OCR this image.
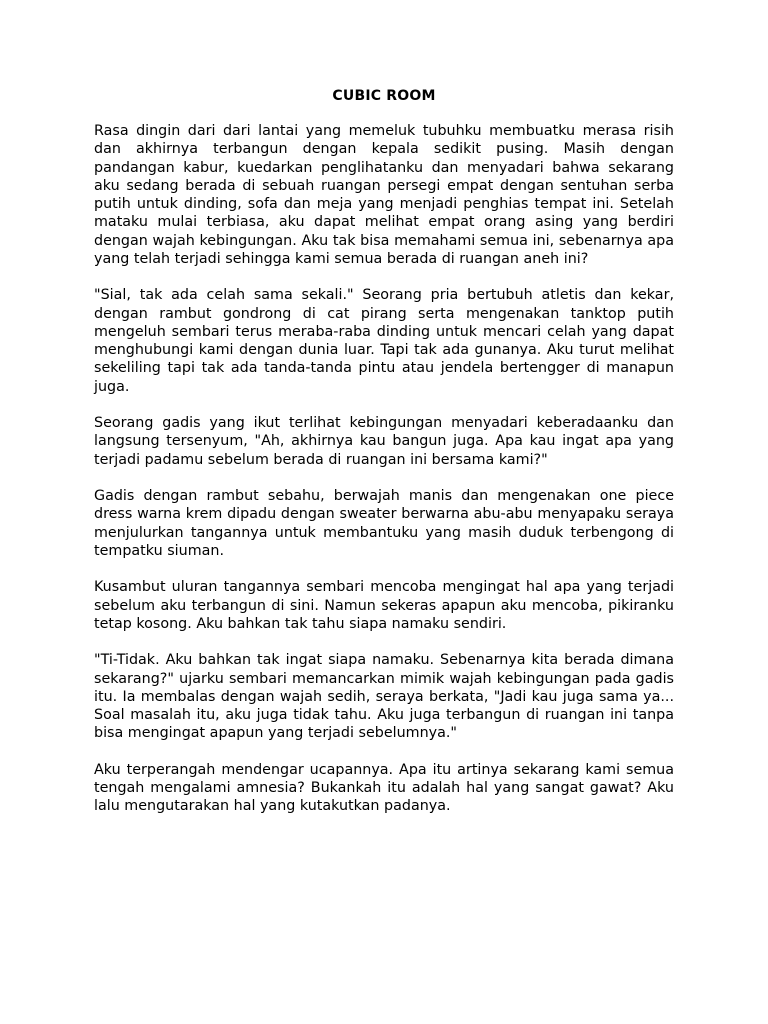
CUBIC ROOM

Rasa dingin dari dari lantai yang memeluk tubuhku membuatku merasa risih dan akhirnya terbangun dengan kepala sedikit pusing. Masih dengan pandangan kabur, kuedarkan penglihatanku dan menyadari bahwa sekarang aku sedang berada di sebuah ruangan persegi empat dengan sentuhan serba putih untuk dinding, sofa dan meja yang menjadi penghias tempat ini. Setelah mataku mulai terbiasa, aku dapat melihat empat orang asing yang berdiri dengan wajah kebingungan. Aku tak bisa memahami semua ini, sebenarnya apa yang telah terjadi sehingga kami semua berada di ruangan aneh ini?

"Sial, tak ada celah sama sekali." Seorang pria bertubuh atletis dan kekar, dengan rambut gondrong di cat pirang serta mengenakan tanktop putih mengeluh sembari terus meraba-raba dinding untuk mencari celah yang dapat menghubungi kami dengan dunia luar. Tapi tak ada gunanya. Aku turut melihat sekeliling tapi tak ada tanda-tanda pintu atau jendela bertengger di manapun juga.

Seorang gadis yang ikut terlihat kebingungan menyadari keberadaanku dan langsung tersenyum, "Ah, akhirnya kau bangun juga. Apa kau ingat apa yang terjadi padamu sebelum berada di ruangan ini bersama kami?"

Gadis dengan rambut sebahu, berwajah manis dan mengenakan one piece dress warna krem dipadu dengan sweater berwarna abu-abu menyapaku seraya menjulurkan tangannya untuk membantuku yang masih duduk terbengong di tempatku siuman.

Kusambut uluran tangannya sembari mencoba mengingat hal apa yang terjadi sebelum aku terbangun di sini. Namun sekeras apapun aku mencoba, pikiranku tetap kosong. Aku bahkan tak tahu siapa namaku sendiri.

"Ti-Tidak. Aku bahkan tak ingat siapa namaku. Sebenarnya kita berada dimana sekarang?" ujarku sembari memancarkan mimik wajah kebingungan pada gadis itu. Ia membalas dengan wajah sedih, seraya berkata, "Jadi kau juga sama ya... Soal masalah itu, aku juga tidak tahu. Aku juga terbangun di ruangan ini tanpa bisa mengingat apapun yang terjadi sebelumnya."

Aku terperangah mendengar ucapannya. Apa itu artinya sekarang kami semua tengah mengalami amnesia? Bukankah itu adalah hal yang sangat gawat? Aku lalu mengutarakan hal yang kutakutkan padanya.
